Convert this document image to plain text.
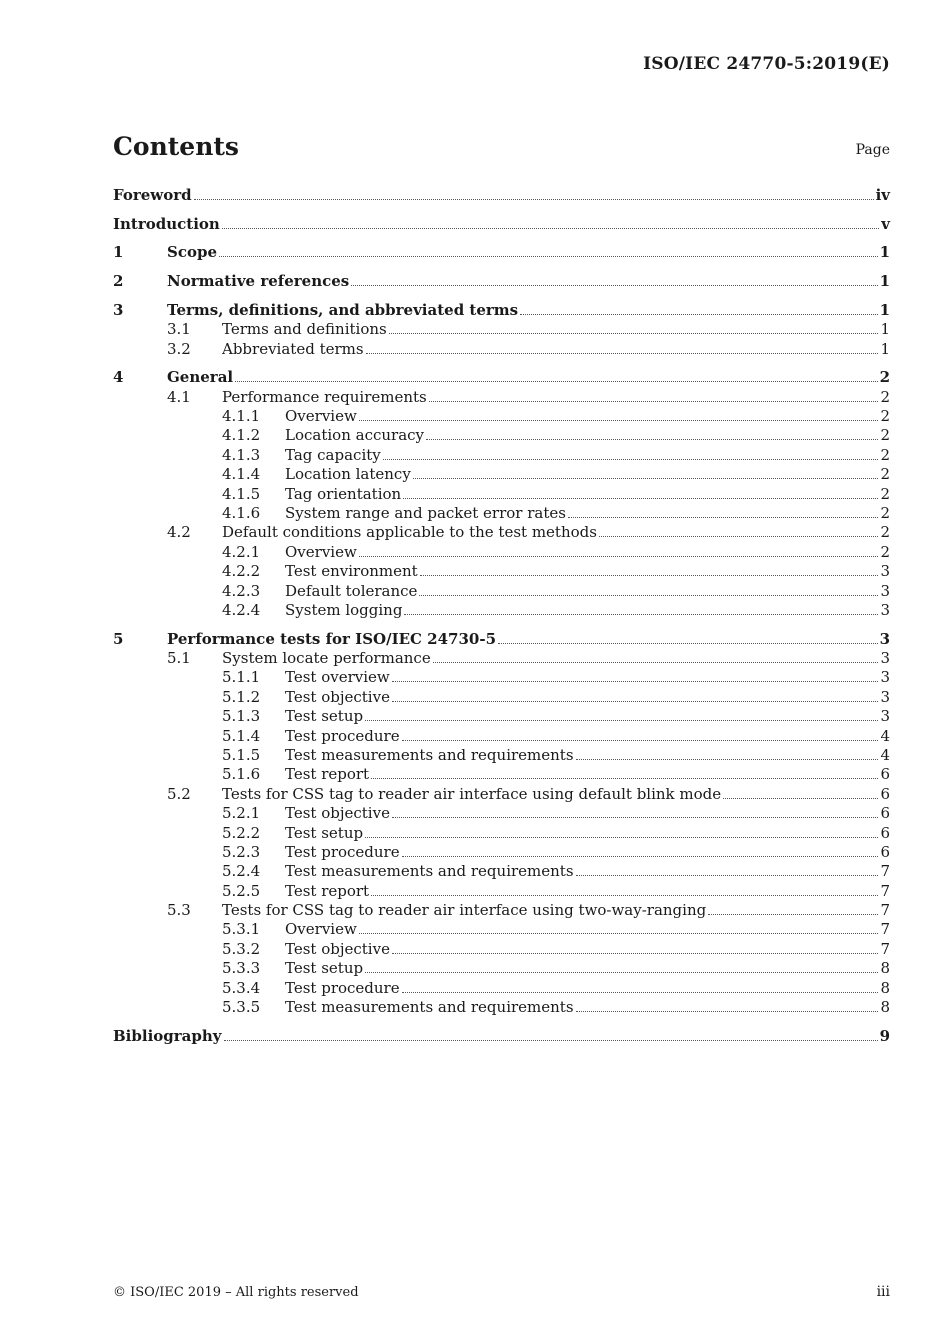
ISO/IEC 24770-5:2019(E)
Contents	Page
Foreword	iv
Introduction	v
1	Scope	1
2	Normative references	1
3	Terms, definitions, and abbreviated terms	1
3.1 Terms and definitions	1
3.2 Abbreviated terms	1
4	General	2
4.1 Performance requirements	2
4.1.1 Overview	2
4.1.2 Location accuracy	2
4.1.3 Tag capacity	2
4.1.4 Location latency	2
4.1.5 Tag orientation	2
4.1.6 System range and packet error rates	2
4.2 Default conditions applicable to the test methods	2
4.2.1 Overview	2
4.2.2 Test environment	3
4.2.3 Default tolerance	3
4.2.4 System logging	3
5	Performance tests for ISO/IEC 24730-5	3
5.1 System locate performance	3
5.1.1 Test overview	3
5.1.2 Test objective	3
5.1.3 Test setup	3
5.1.4 Test procedure	4
5.1.5 Test measurements and requirements	4
5.1.6 Test report	6
5.2 Tests for CSS tag to reader air interface using default blink mode	6
5.2.1 Test objective	6
5.2.2 Test setup	6
5.2.3 Test procedure	6
5.2.4 Test measurements and requirements	7
5.2.5 Test report	7
5.3 Tests for CSS tag to reader air interface using two-way-ranging	7
5.3.1 Overview	7
5.3.2 Test objective	7
5.3.3 Test setup	8
5.3.4 Test procedure	8
5.3.5 Test measurements and requirements	8
Bibliography	9
© ISO/IEC 2019 – All rights reserved	iii
